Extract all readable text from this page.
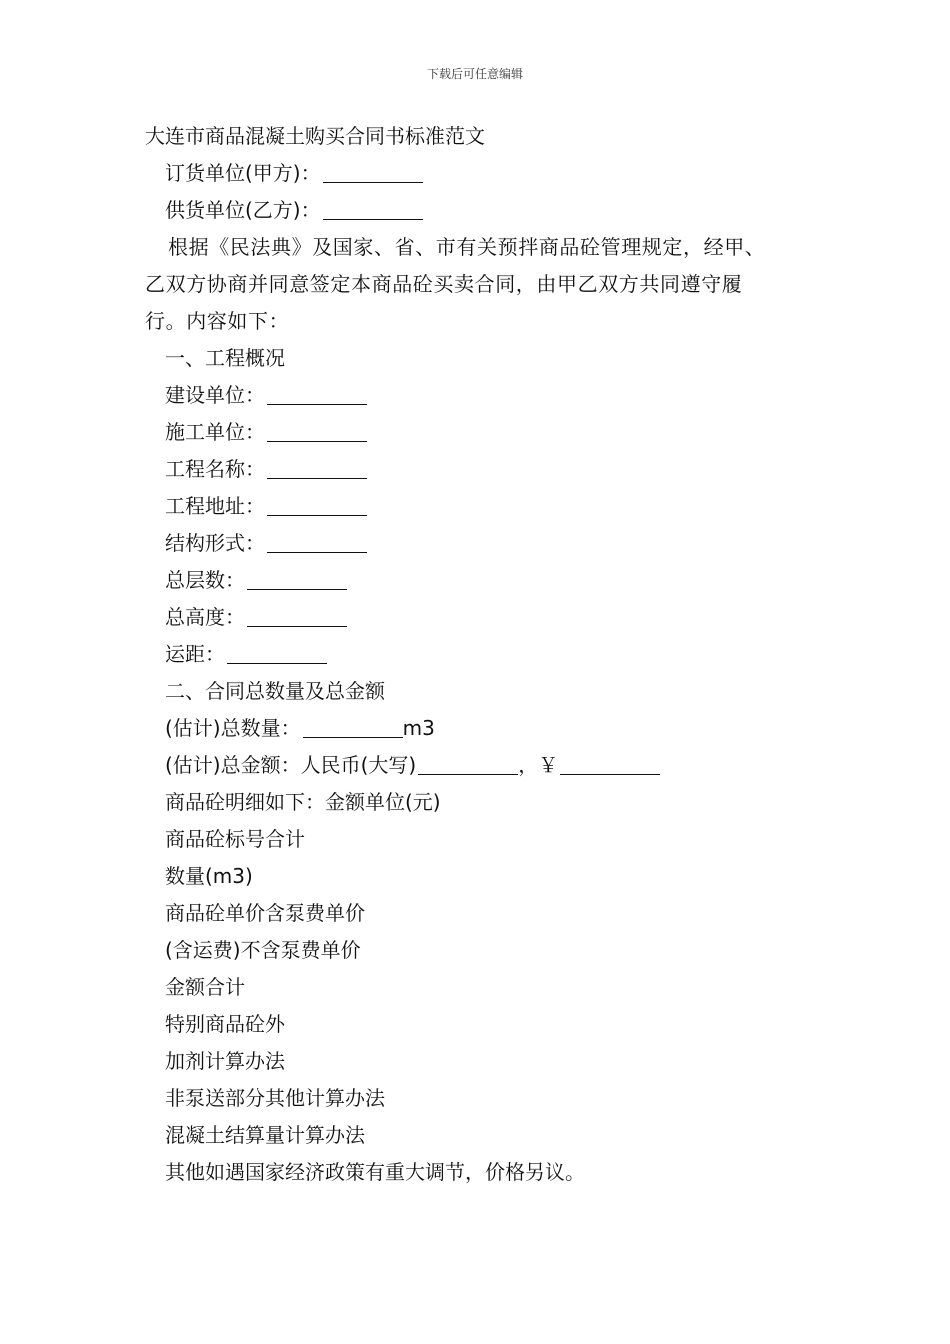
下载后可任意编辑
大连市商品混凝土购买合同书标准范文
订货单位(甲方)：
供货单位(乙方)：
根据《民法典》及国家、省、市有关预拌商品砼管理规定，经甲、
乙双方协商并同意签定本商品砼买卖合同，由甲乙双方共同遵守履
行。内容如下：
一、工程概况
建设单位：
施工单位：
工程名称：
工程地址：
结构形式：
总层数：
总高度：
运距：
二、合同总数量及总金额
(估计)总数量：	m3
(估计)总金额：人民币(大写)	，￥
商品砼明细如下：金额单位(元)
商品砼标号合计
数量(m3)
商品砼单价含泵费单价
(含运费)不含泵费单价
金额合计
特别商品砼外
加剂计算办法
非泵送部分其他计算办法
混凝土结算量计算办法
其他如遇国家经济政策有重大调节，价格另议。
